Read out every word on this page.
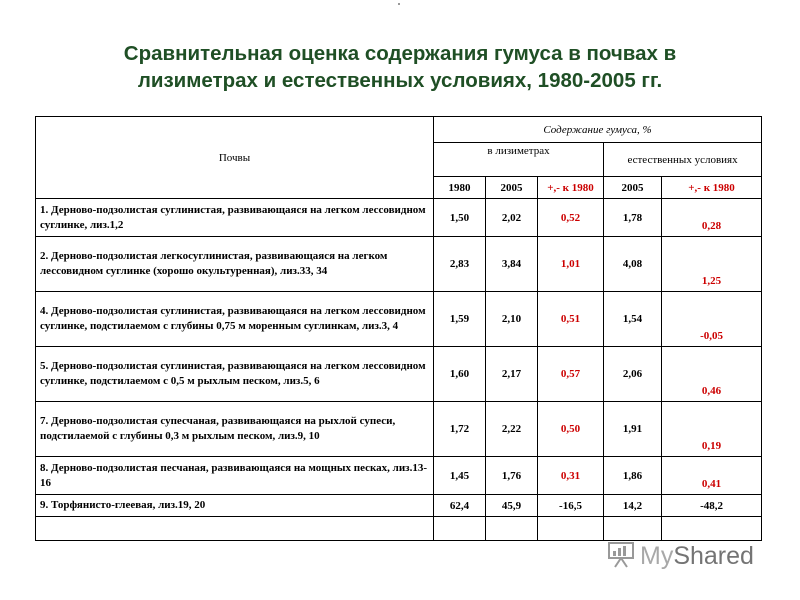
Сравнительная оценка содержания гумуса в почвах в
лизиметрах и естественных условиях, 1980-2005 гг.
Почвы	Содержание гумуса, %				
	в лизиметрах			естественных условиях	
	1980	2005	+,- к 1980	2005	+,- к 1980
1. Дерново-подзолистая суглинистая, развивающаяся на легком лессовидном суглинке, лиз.1,2	1,50	2,02	0,52	1,78	0,28
2. Дерново-подзолистая легкосуглинистая, развивающаяся на легком лессовидном суглинке (хорошо окультуренная), лиз.33, 34	2,83	3,84	1,01	4,08	1,25
4. Дерново-подзолистая суглинистая, развивающаяся на легком лессовидном суглинке, подстилаемом с глубины 0,75 м моренным суглинкам, лиз.3, 4	1,59	2,10	0,51	1,54	-0,05
5. Дерново-подзолистая суглинистая, развивающаяся на легком лессовидном суглинке, подстилаемом с 0,5 м рыхлым песком, лиз.5, 6	1,60	2,17	0,57	2,06	0,46
7. Дерново-подзолистая супесчаная, развивающаяся на рыхлой супеси, подстилаемой с глубины 0,3 м рыхлым песком, лиз.9, 10	1,72	2,22	0,50	1,91	0,19
8. Дерново-подзолистая песчаная, развивающаяся на мощных песках, лиз.13-16	1,45	1,76	0,31	1,86	0,41
9. Торфянисто-глеевая, лиз.19, 20	62,4	45,9	-16,5	14,2	-48,2

MyShared
